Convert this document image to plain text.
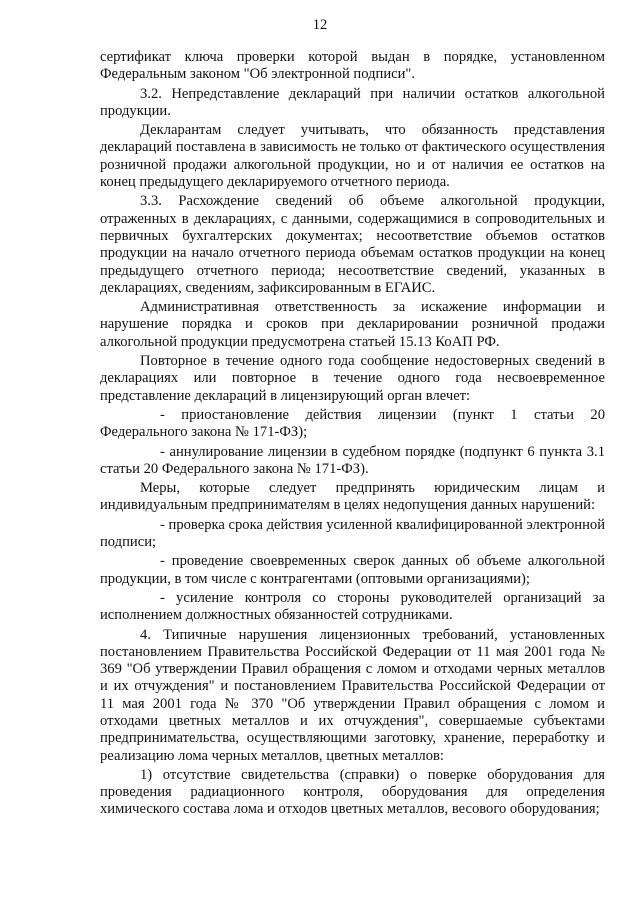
12

сертификат ключа проверки которой выдан в порядке, установленном Федеральным законом "Об электронной подписи".

3.2. Непредставление деклараций при наличии остатков алкогольной продукции.

Декларантам следует учитывать, что обязанность представления деклараций поставлена в зависимость не только от фактического осуществления розничной продажи алкогольной продукции, но и от наличия ее остатков на конец предыдущего декларируемого отчетного периода.

3.3. Расхождение сведений об объеме алкогольной продукции, отраженных в декларациях, с данными, содержащимися в сопроводительных и первичных бухгалтерских документах; несоответствие объемов остатков продукции на начало отчетного периода объемам остатков продукции на конец предыдущего отчетного периода; несоответствие сведений, указанных в декларациях, сведениям, зафиксированным в ЕГАИС.

Административная ответственность за искажение информации и нарушение порядка и сроков при декларировании розничной продажи алкогольной продукции предусмотрена статьей 15.13 КоАП РФ.

Повторное в течение одного года сообщение недостоверных сведений в декларациях или повторное в течение одного года несвоевременное представление деклараций в лицензирующий орган влечет:

- приостановление действия лицензии (пункт 1 статьи 20 Федерального закона № 171-ФЗ);

- аннулирование лицензии в судебном порядке (подпункт 6 пункта 3.1 статьи 20 Федерального закона № 171-ФЗ).

Меры, которые следует предпринять юридическим лицам и индивидуальным предпринимателям в целях недопущения данных нарушений:

- проверка срока действия усиленной квалифицированной электронной подписи;

- проведение своевременных сверок данных об объеме алкогольной продукции, в том числе с контрагентами (оптовыми организациями);

- усиление контроля со стороны руководителей организаций за исполнением должностных обязанностей сотрудниками.

4. Типичные нарушения лицензионных требований, установленных постановлением Правительства Российской Федерации от 11 мая 2001 года № 369 "Об утверждении Правил обращения с ломом и отходами черных металлов и их отчуждения" и постановлением Правительства Российской Федерации от 11 мая 2001 года № 370 "Об утверждении Правил обращения с ломом и отходами цветных металлов и их отчуждения", совершаемые субъектами предпринимательства, осуществляющими заготовку, хранение, переработку и реализацию лома черных металлов, цветных металлов:

1) отсутствие свидетельства (справки) о поверке оборудования для проведения радиационного контроля, оборудования для определения химического состава лома и отходов цветных металлов, весового оборудования;
